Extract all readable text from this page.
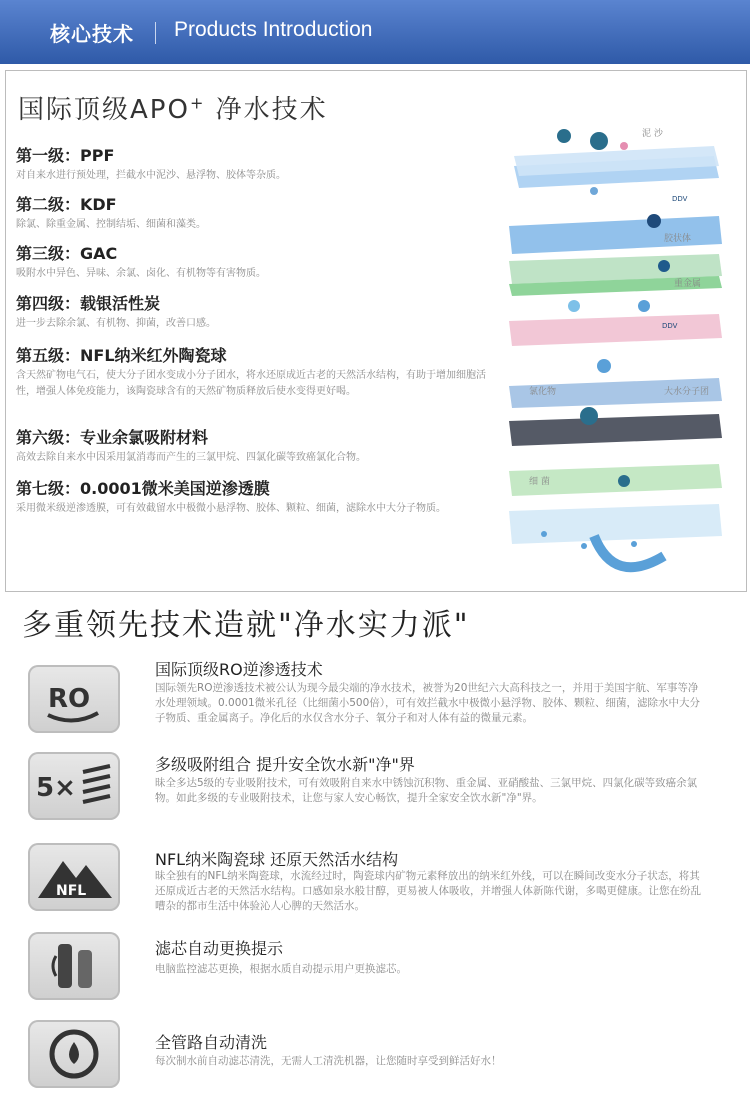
核心技术 Products Introduction
国际顶级APO+ 净水技术
第一级：PPF
对自来水进行预处理，拦截水中泥沙、悬浮物、胶体等杂质。
第二级：KDF
除氯、除重金属、控制结垢、细菌和藻类。
第三级：GAC
吸附水中异色、异味、余氯、卤化、有机物等有害物质。
第四级：载银活性炭
进一步去除余氯、有机物、抑菌，改善口感。
第五级：NFL纳米红外陶瓷球
含天然矿物电气石，使大分子团水变成小分子团水，将水还原成近古老的天然活水结构，有助于增加细胞活性，增强人体免疫能力，该陶瓷球含有的天然矿物质释放后使水变得更好喝。
第六级：专业余氯吸附材料
高效去除自来水中因采用氯消毒而产生的三氯甲烷、四氯化碳等致癌氯化合物。
第七级：0.0001微米美国逆渗透膜
采用微米级逆渗透膜，可有效截留水中极微小悬浮物、胶体、颗粒、细菌，滤除水中大分子物质。
泥 沙
胶状体
重金属
氯化物	大水分子团
细 菌
DDV
DDV
多重领先技术造就"净水实力派"
RO
国际顶级RO逆渗透技术
国际领先RO逆渗透技术被公认为现今最尖端的净水技术，被誉为20世纪六大高科技之一，并用于美国宇航、军事等净水处理领域。0.0001微米孔径（比细菌小500倍），可有效拦截水中极微小悬浮物、胶体、颗粒、细菌，滤除水中大分子物质、重金属离子。净化后的水仅含水分子、氧分子和对人体有益的微量元素。
5×
多级吸附组合 提升安全饮水新"净"界
昧全多达5级的专业吸附技术，可有效吸附自来水中锈蚀沉积物、重金属、亚硝酸盐、三氯甲烷、四氯化碳等致癌余氯物。如此多级的专业吸附技术，让您与家人安心畅饮，提升全家安全饮水新"净"界。
NFL
NFL纳米陶瓷球 还原天然活水结构
昧全独有的NFL纳米陶瓷球，水流经过时，陶瓷球内矿物元素释放出的纳米红外线，可以在瞬间改变水分子状态，将其还原成近古老的天然活水结构。口感如泉水般甘醇，更易被人体吸收，并增强人体新陈代谢，多喝更健康。让您在纷乱嘈杂的都市生活中体验沁人心脾的天然活水。
滤芯自动更换提示
电脑监控滤芯更换，根据水质自动提示用户更换滤芯。
全管路自动清洗
每次制水前自动滤芯清洗，无需人工清洗机器，让您随时享受到鲜活好水！
